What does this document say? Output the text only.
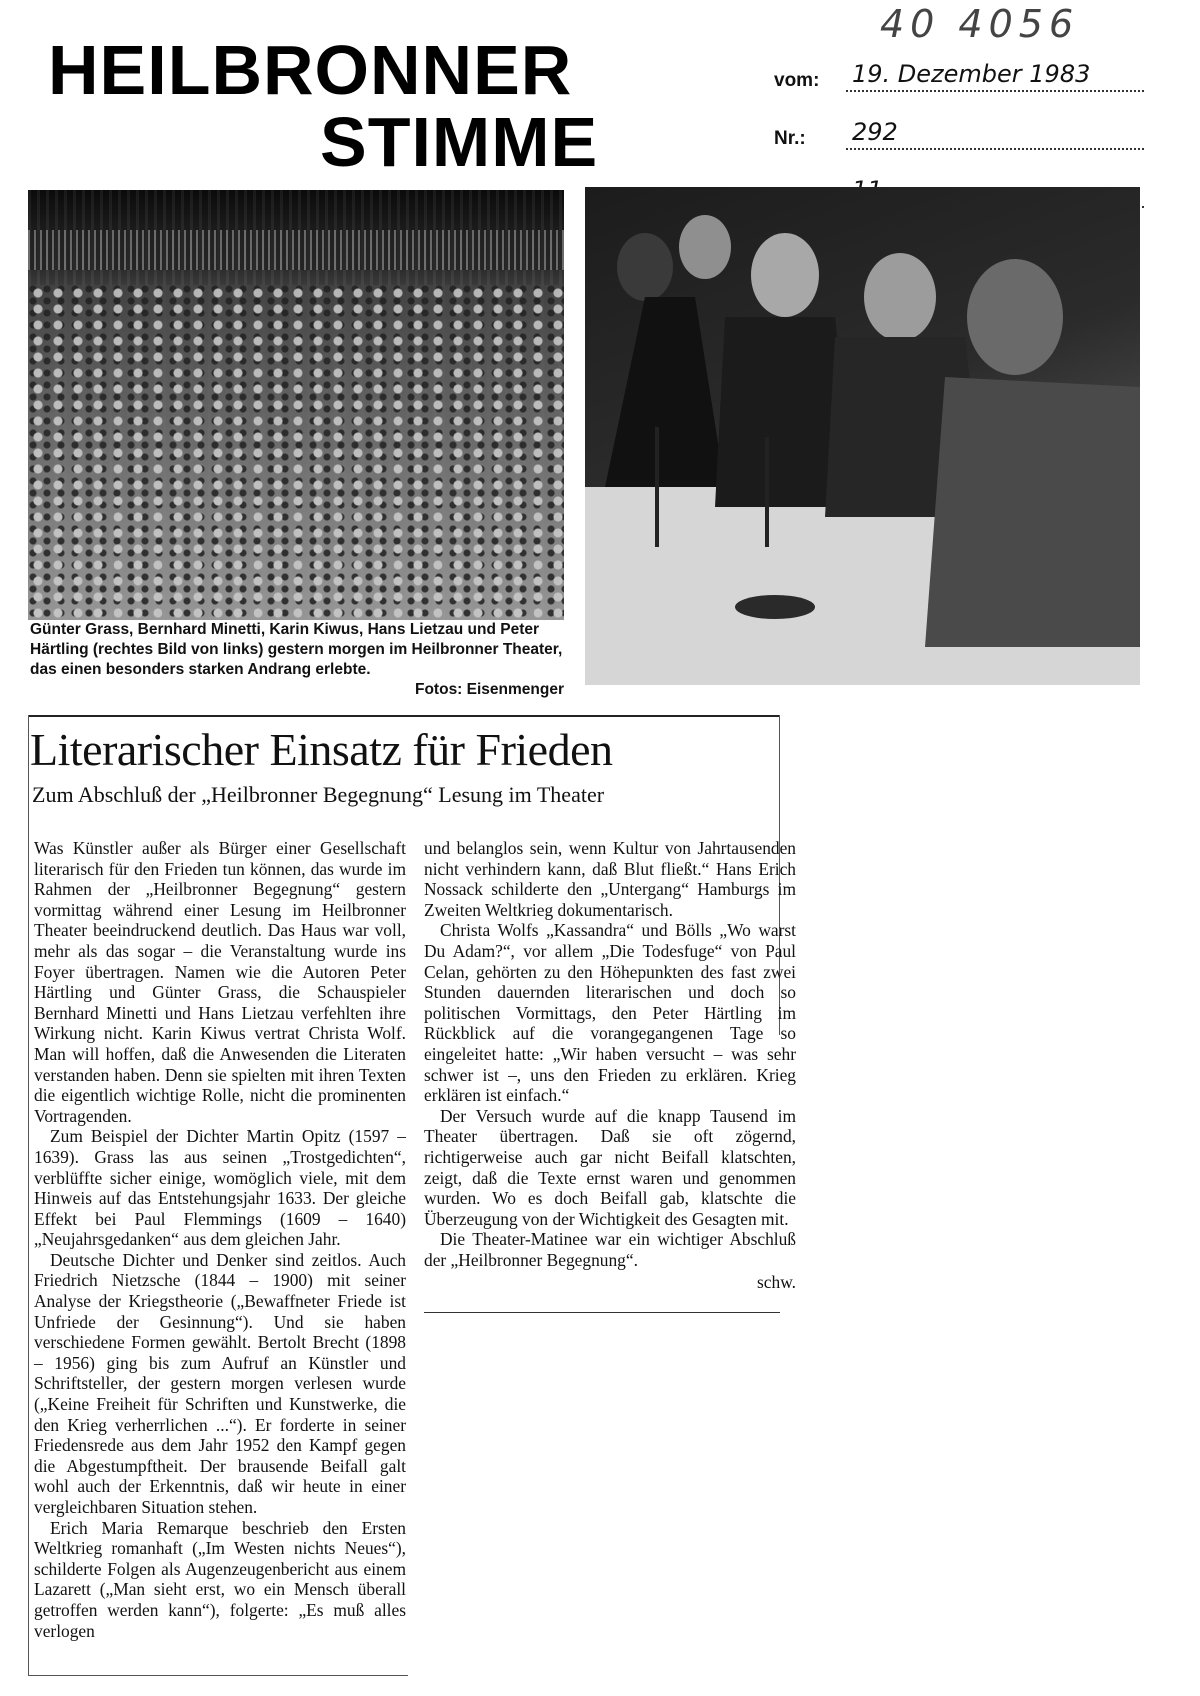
40 4056
HEILBRONNER
STIMME
vom:	19. Dezember 1983
Nr.:	292
Günter Grass, Bernhard Minetti, Karin Kiwus, Hans Lietzau und Peter Härtling (rechtes Bild von links) gestern morgen im Heilbronner Theater, das einen besonders starken Andrang erlebte.
Fotos: Eisenmenger
Literarischer Einsatz für Frieden
Zum Abschluß der „Heilbronner Begegnung“ Lesung im Theater

Was Künstler außer als Bürger einer Gesellschaft literarisch für den Frieden tun können, das wurde im Rahmen der „Heilbronner Begegnung“ gestern vormittag während einer Lesung im Heilbronner Theater beeindruckend deutlich. Das Haus war voll, mehr als das sogar – die Veranstaltung wurde ins Foyer übertragen. Namen wie die Autoren Peter Härtling und Günter Grass, die Schauspieler Bernhard Minetti und Hans Lietzau verfehlten ihre Wirkung nicht. Karin Kiwus vertrat Christa Wolf. Man will hoffen, daß die Anwesenden die Literaten verstanden haben. Denn sie spielten mit ihren Texten die eigentlich wichtige Rolle, nicht die prominenten Vortragenden.

Zum Beispiel der Dichter Martin Opitz (1597 – 1639). Grass las aus seinen „Trostgedichten“, verblüffte sicher einige, womöglich viele, mit dem Hinweis auf das Entstehungsjahr 1633. Der gleiche Effekt bei Paul Flemmings (1609 – 1640) „Neujahrsgedanken“ aus dem gleichen Jahr.

Deutsche Dichter und Denker sind zeitlos. Auch Friedrich Nietzsche (1844 – 1900) mit seiner Analyse der Kriegstheorie („Bewaffneter Friede ist Unfriede der Gesinnung“). Und sie haben verschiedene Formen gewählt. Bertolt Brecht (1898 – 1956) ging bis zum Aufruf an Künstler und Schriftsteller, der gestern morgen verlesen wurde („Keine Freiheit für Schriften und Kunstwerke, die den Krieg verherrlichen ...“). Er forderte in seiner Friedensrede aus dem Jahr 1952 den Kampf gegen die Abgestumpftheit. Der brausende Beifall galt wohl auch der Erkenntnis, daß wir heute in einer vergleichbaren Situation stehen.

Erich Maria Remarque beschrieb den Ersten Weltkrieg romanhaft („Im Westen nichts Neues“), schilderte Folgen als Augenzeugenbericht aus einem Lazarett („Man sieht erst, wo ein Mensch überall getroffen werden kann“), folgerte: „Es muß alles verlogen

und belanglos sein, wenn Kultur von Jahrtausenden nicht verhindern kann, daß Blut fließt.“ Hans Erich Nossack schilderte den „Untergang“ Hamburgs im Zweiten Weltkrieg dokumentarisch.

Christa Wolfs „Kassandra“ und Bölls „Wo warst Du Adam?“, vor allem „Die Todesfuge“ von Paul Celan, gehörten zu den Höhepunkten des fast zwei Stunden dauernden literarischen und doch so politischen Vormittags, den Peter Härtling im Rückblick auf die vorangegangenen Tage so eingeleitet hatte: „Wir haben versucht – was sehr schwer ist –, uns den Frieden zu erklären. Krieg erklären ist einfach.“

Der Versuch wurde auf die knapp Tausend im Theater übertragen. Daß sie oft zögernd, richtigerweise auch gar nicht Beifall klatschten, zeigt, daß die Texte ernst waren und genommen wurden. Wo es doch Beifall gab, klatschte die Überzeugung von der Wichtigkeit des Gesagten mit.

Die Theater-Matinee war ein wichtiger Abschluß der „Heilbronner Begegnung“.

schw.
